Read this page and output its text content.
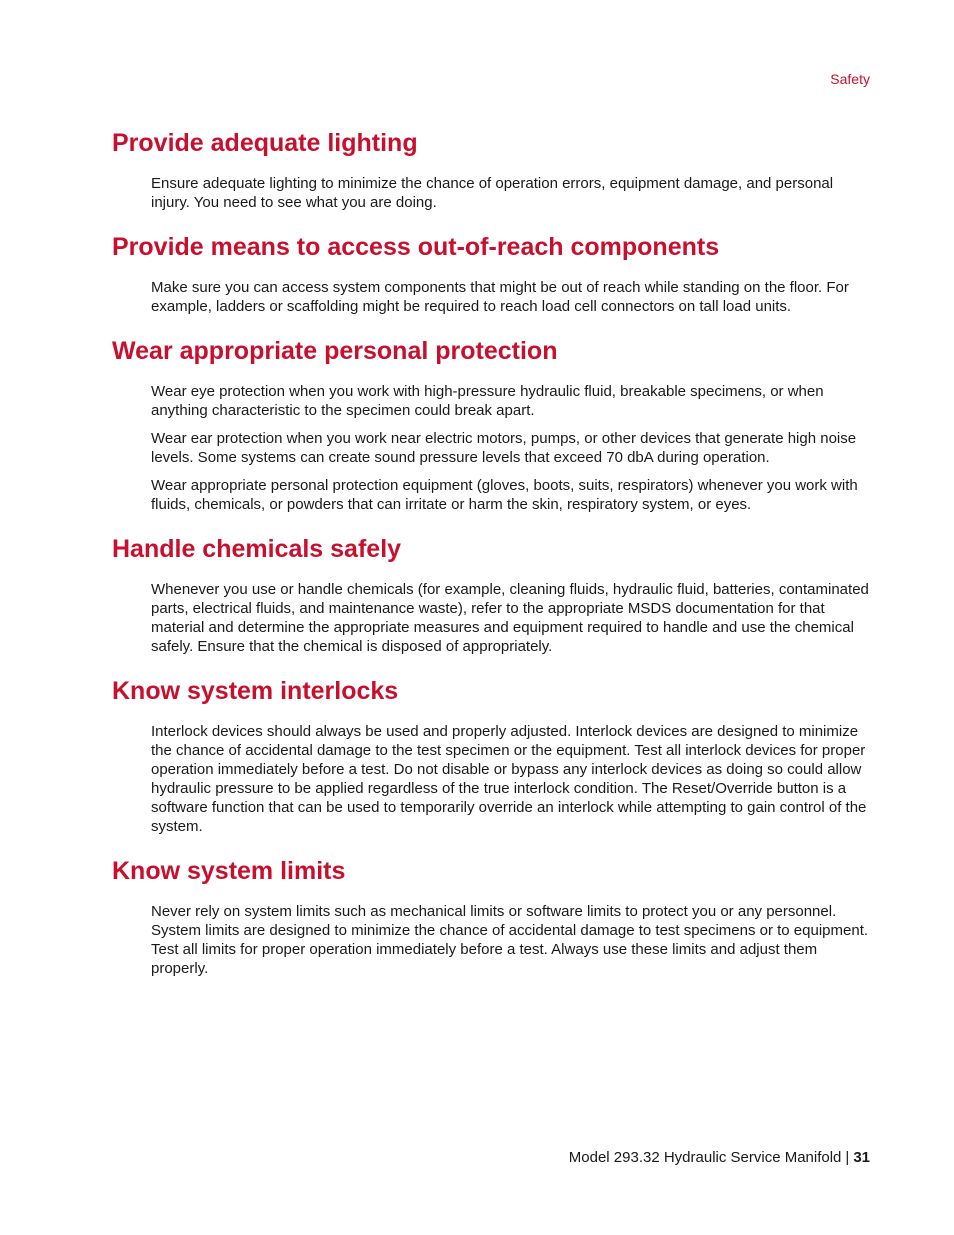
Safety
Provide adequate lighting

Ensure adequate lighting to minimize the chance of operation errors, equipment damage, and personal injury. You need to see what you are doing.

Provide means to access out-of-reach components

Make sure you can access system components that might be out of reach while standing on the floor. For example, ladders or scaffolding might be required to reach load cell connectors on tall load units.

Wear appropriate personal protection

Wear eye protection when you work with high-pressure hydraulic fluid, breakable specimens, or when anything characteristic to the specimen could break apart.

Wear ear protection when you work near electric motors, pumps, or other devices that generate high noise levels. Some systems can create sound pressure levels that exceed 70 dbA during operation.

Wear appropriate personal protection equipment (gloves, boots, suits, respirators) whenever you work with fluids, chemicals, or powders that can irritate or harm the skin, respiratory system, or eyes.

Handle chemicals safely

Whenever you use or handle chemicals (for example, cleaning fluids, hydraulic fluid, batteries, contaminated parts, electrical fluids, and maintenance waste), refer to the appropriate MSDS documentation for that material and determine the appropriate measures and equipment required to handle and use the chemical safely. Ensure that the chemical is disposed of appropriately.

Know system interlocks

Interlock devices should always be used and properly adjusted. Interlock devices are designed to minimize the chance of accidental damage to the test specimen or the equipment. Test all interlock devices for proper operation immediately before a test. Do not disable or bypass any interlock devices as doing so could allow hydraulic pressure to be applied regardless of the true interlock condition. The Reset/Override button is a software function that can be used to temporarily override an interlock while attempting to gain control of the system.

Know system limits

Never rely on system limits such as mechanical limits or software limits to protect you or any personnel. System limits are designed to minimize the chance of accidental damage to test specimens or to equipment. Test all limits for proper operation immediately before a test. Always use these limits and adjust them properly.

Model 293.32 Hydraulic Service Manifold | 31
